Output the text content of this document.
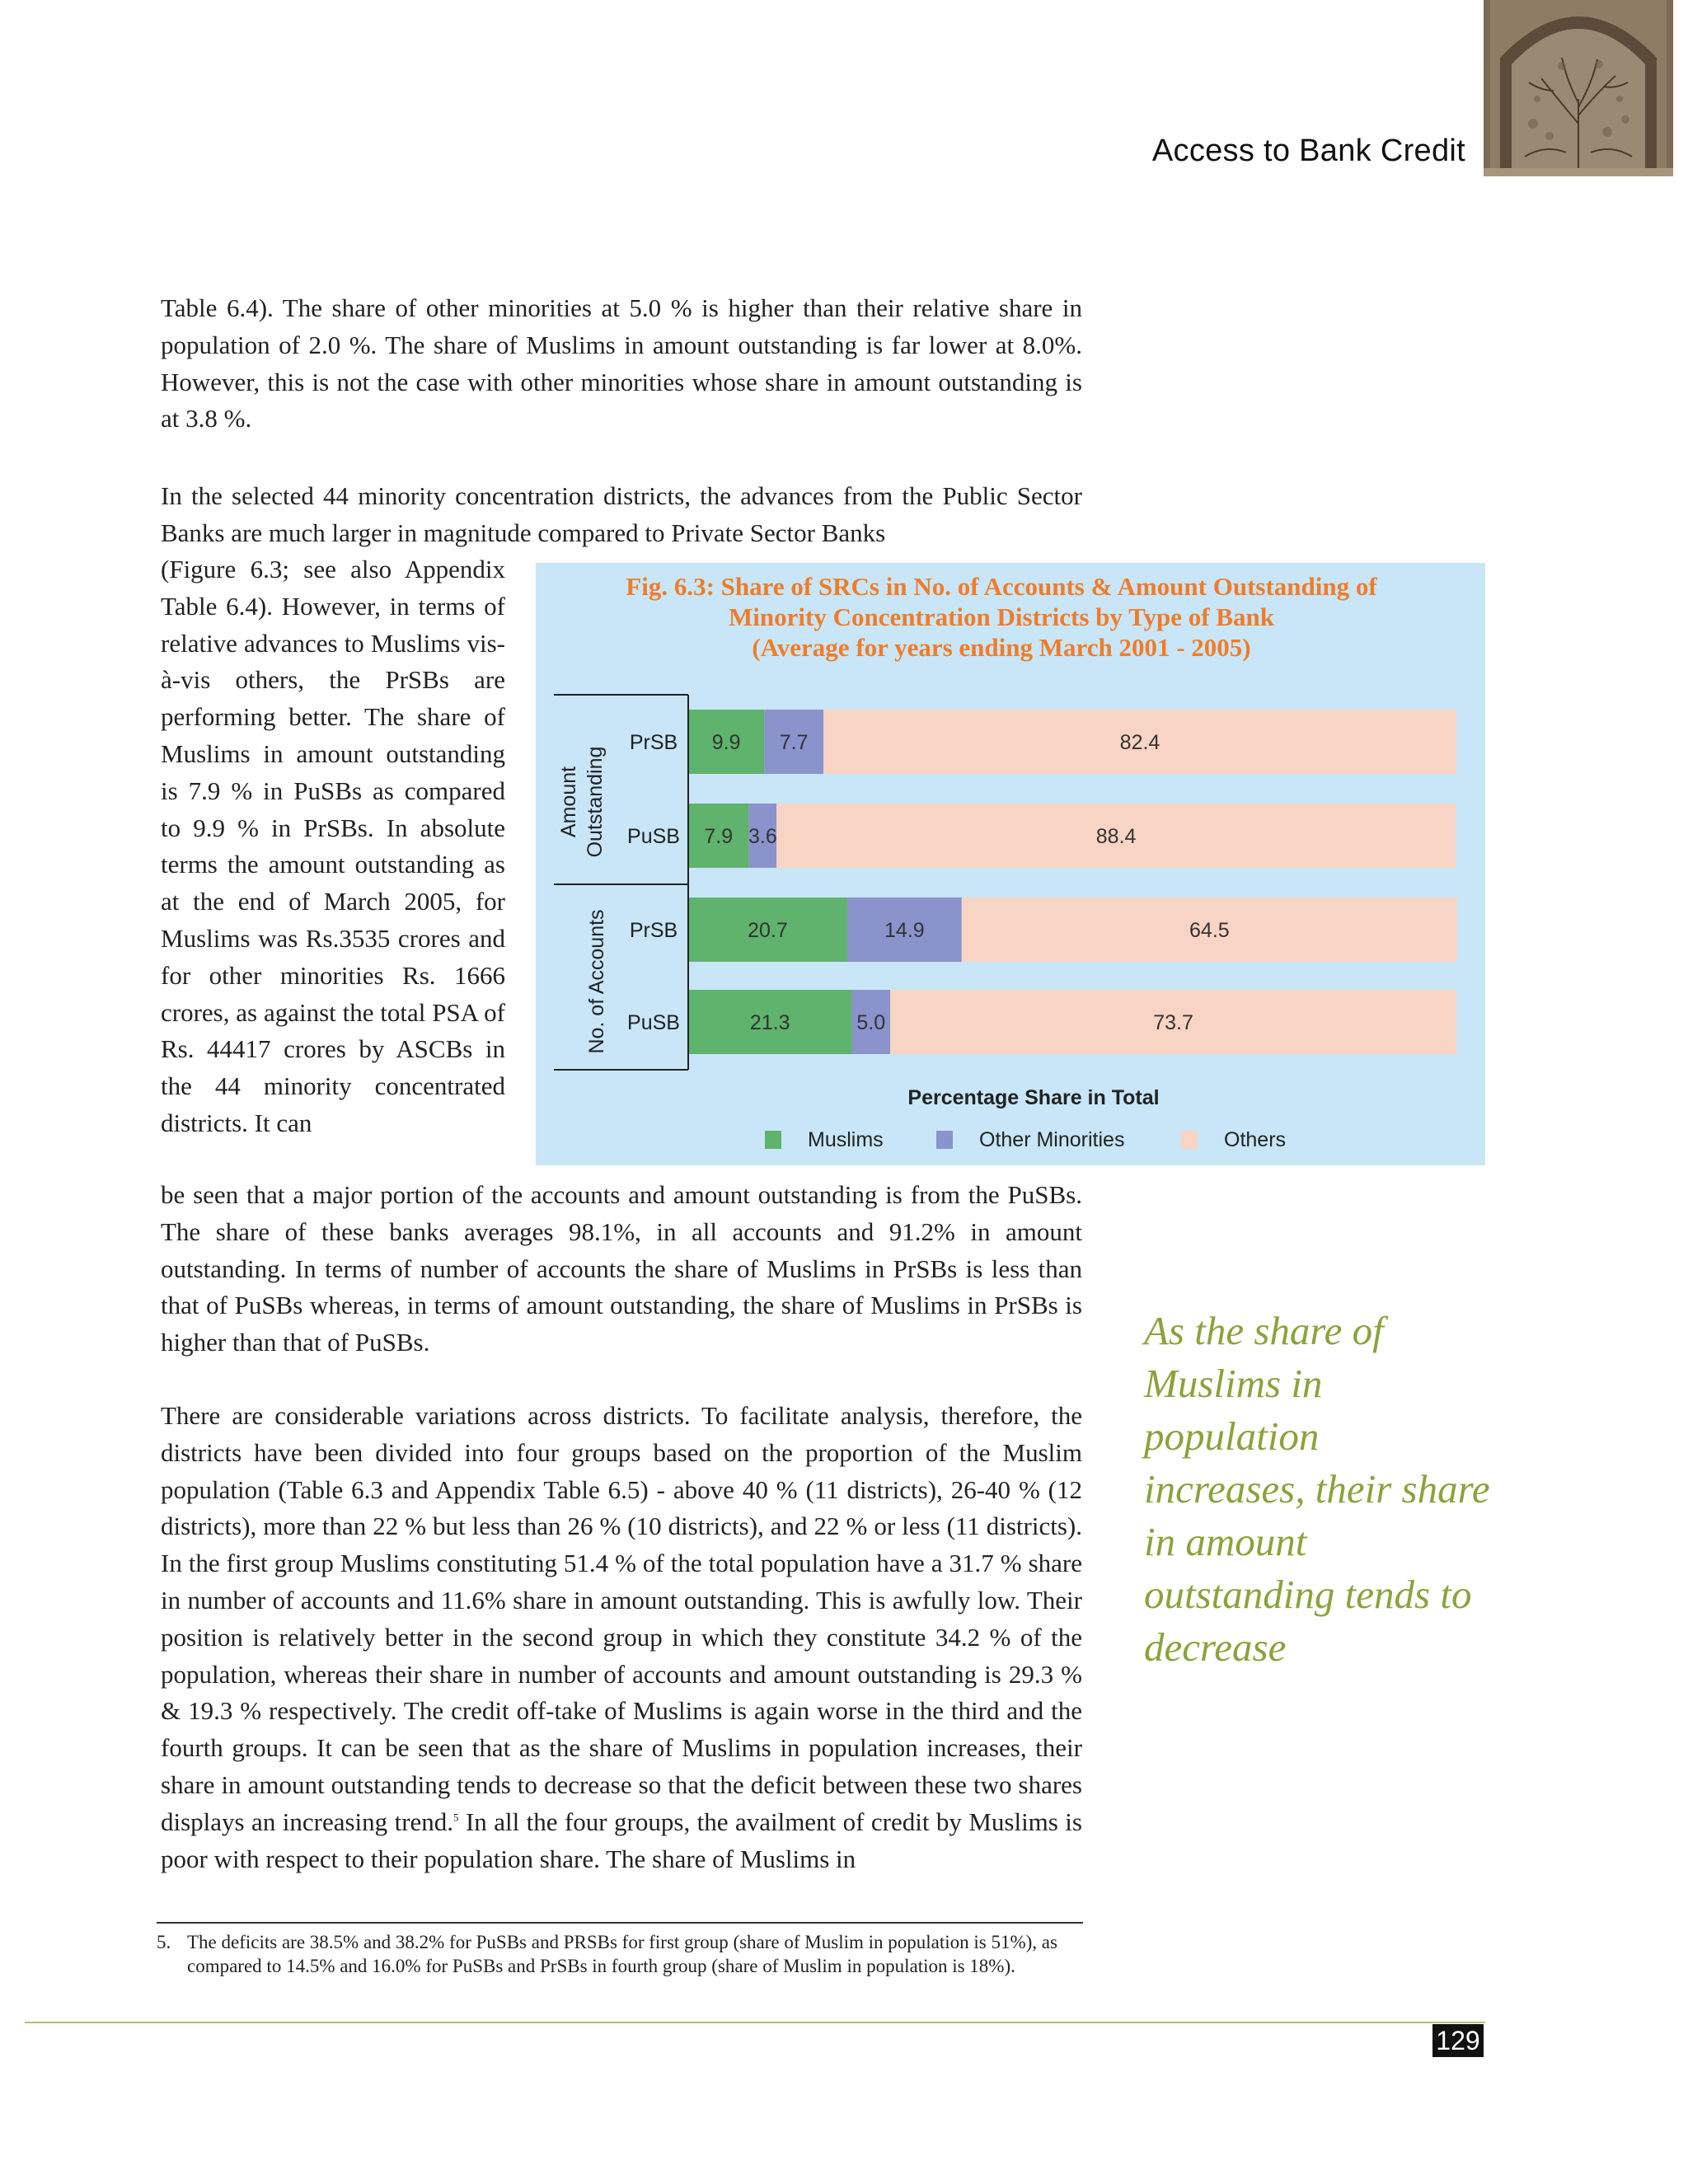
Access to Bank Credit
Table 6.4). The share of other minorities at 5.0 % is higher than their relative share in population of 2.0 %. The share of Muslims in amount outstanding is far lower at 8.0%. However, this is not the case with other minorities whose share in amount outstanding is at 3.8 %.
In the selected 44 minority concentration districts, the advances from the Public Sector Banks are much larger in magnitude compared to Private Sector Banks
(Figure 6.3; see also Appendix Table 6.4). However, in terms of relative advances to Muslims vis-à-vis others, the PrSBs are performing better. The share of Muslims in amount outstanding is 7.9 % in PuSBs as compared to 9.9 % in PrSBs. In absolute terms the amount outstanding as at the end of March 2005, for Muslims was Rs.3535 crores and for other minorities Rs. 1666 crores, as against the total PSA of Rs. 44417 crores by ASCBs in the 44 minority concentrated districts. It can
be seen that a major portion of the accounts and amount outstanding is from the PuSBs. The share of these banks averages 98.1%, in all accounts and 91.2% in amount outstanding. In terms of number of accounts the share of Muslims in PrSBs is less than that of PuSBs whereas, in terms of amount outstanding, the share of Muslims in PrSBs is higher than that of PuSBs.
There are considerable variations across districts. To facilitate analysis, therefore, the districts have been divided into four groups based on the proportion of the Muslim population (Table 6.3 and Appendix Table 6.5) - above 40 % (11 districts), 26-40 % (12 districts), more than 22 % but less than 26 % (10 districts), and 22 % or less (11 districts). In the first group Muslims constituting 51.4 % of the total population have a 31.7 % share in number of accounts and 11.6% share in amount outstanding. This is awfully low. Their position is relatively better in the second group in which they constitute 34.2 % of the population, whereas their share in number of accounts and amount outstanding is 29.3 % & 19.3 % respectively. The credit off-take of Muslims is again worse in the third and the fourth groups. It can be seen that as the share of Muslims in population increases, their share in amount outstanding tends to decrease so that the deficit between these two shares displays an increasing trend.$^5$ In all the four groups, the availment of credit by Muslims is poor with respect to their population share. The share of Muslims in
Fig. 6.3: Share of SRCs in No. of Accounts & Amount Outstanding of
Minority Concentration Districts by Type of Bank
(Average for years ending March 2001 - 2005)
9.9 7.7	82.4
7.9 3.6	88.4
20.7	14.9	64.5
21.3	5.0	73.7
PrSB
PuSB
PrSB
PuSB
Amount Outstanding
No. of Accounts
Percentage Share in Total
Muslims	Other Minorities	Others
As the share of Muslims in population increases, their share in amount outstanding tends to decrease
5. The deficits are 38.5% and 38.2% for PuSBs and PRSBs for first group (share of Muslim in population is 51%), as compared to 14.5% and 16.0% for PuSBs and PrSBs in fourth group (share of Muslim in population is 18%).
129
